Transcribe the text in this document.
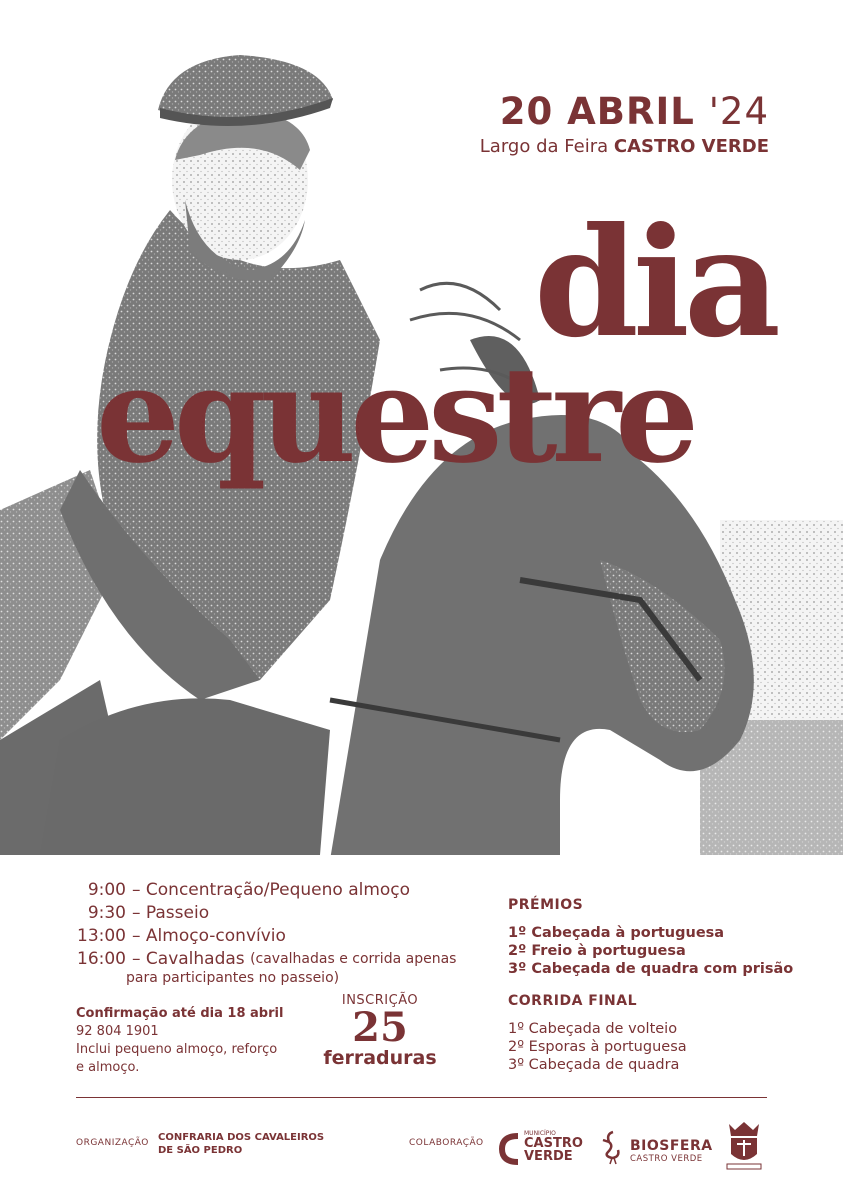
20 ABRIL '24
Largo da Feira CASTRO VERDE
dia
equestre
9:00 –
Concentração/Pequeno almoço
9:30 –
Passeio
13:00 –
Almoço-convívio
16:00 –
Cavalhadas
(cavalhadas e corrida apenas
para participantes no passeio)
Confirmação até dia 18 abril
92 804 1901
Inclui pequeno almoço, reforço
e almoço.
INSCRIÇÃO
25
ferraduras
PRÉMIOS
1º Cabeçada à portuguesa
2º Freio à portuguesa
3º Cabeçada de quadra com prisão
CORRIDA FINAL
1º Cabeçada de volteio
2º Esporas à portuguesa
3º Cabeçada de quadra
ORGANIZAÇÃO CONFRARIA DOS CAVALEIROS
DE SÃO PEDRO
COLABORAÇÃO
MUNICÍPIO
CASTRO
VERDE
BIOSFERA
CASTRO VERDE
